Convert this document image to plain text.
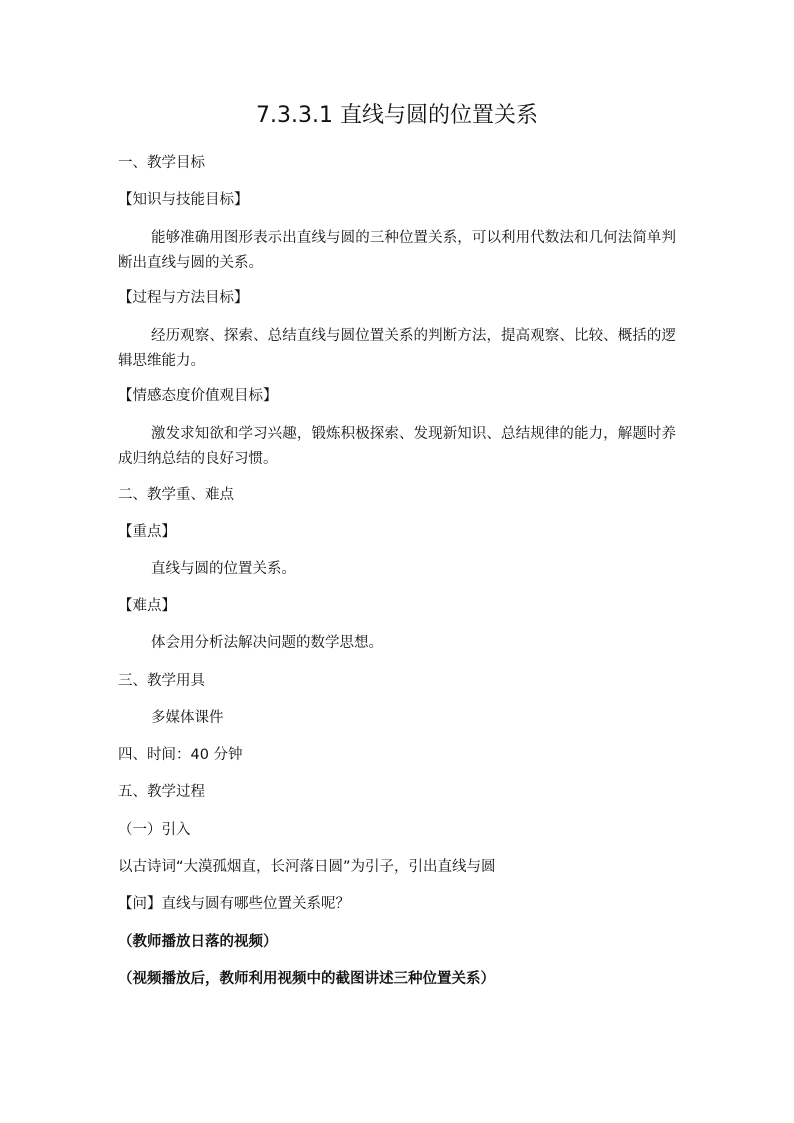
7.3.3.1 直线与圆的位置关系
一、教学目标
【知识与技能目标】
能够准确用图形表示出直线与圆的三种位置关系，可以利用代数法和几何法简单判断出直线与圆的关系。
【过程与方法目标】
经历观察、探索、总结直线与圆位置关系的判断方法，提高观察、比较、概括的逻辑思维能力。
【情感态度价值观目标】
激发求知欲和学习兴趣，锻炼积极探索、发现新知识、总结规律的能力，解题时养成归纳总结的良好习惯。
二、教学重、难点
【重点】
直线与圆的位置关系。
【难点】
体会用分析法解决问题的数学思想。
三、教学用具
多媒体课件
四、时间：40 分钟
五、教学过程
（一）引入
以古诗词“大漠孤烟直，长河落日圆”为引子，引出直线与圆
【问】直线与圆有哪些位置关系呢？
（教师播放日落的视频）
（视频播放后，教师利用视频中的截图讲述三种位置关系）
